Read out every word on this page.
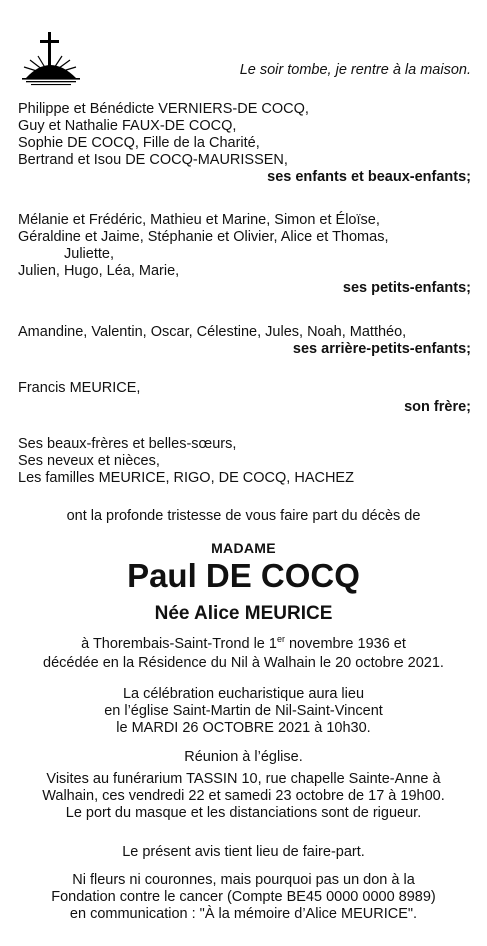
Le soir tombe, je rentre à la maison.
Philippe et Bénédicte VERNIERS-DE COCQ,
Guy et Nathalie FAUX-DE COCQ,
Sophie DE COCQ, Fille de la Charité,
Bertrand et Isou DE COCQ-MAURISSEN,
ses enfants et beaux-enfants;
Mélanie et Frédéric, Mathieu et Marine, Simon et Éloïse,
Géraldine et Jaime, Stéphanie et Olivier, Alice et Thomas,
Juliette,
Julien, Hugo, Léa, Marie,
ses petits-enfants;
Amandine, Valentin, Oscar, Célestine, Jules, Noah, Matthéo,
ses arrière-petits-enfants;
Francis MEURICE,
son frère;
Ses beaux-frères et belles-sœurs,
Ses neveux et nièces,
Les familles MEURICE, RIGO, DE COCQ, HACHEZ
ont la profonde tristesse de vous faire part du décès de
MADAME
Paul DE COCQ
Née Alice MEURICE
à Thorembais-Saint-Trond le 1er novembre 1936 et
décédée en la Résidence du Nil à Walhain le 20 octobre 2021.
La célébration eucharistique aura lieu
en l’église Saint-Martin de Nil-Saint-Vincent
le MARDI 26 OCTOBRE 2021 à 10h30.
Réunion à l’église.
Visites au funérarium TASSIN 10, rue chapelle Sainte-Anne à
Walhain, ces vendredi 22 et samedi 23 octobre de 17 à 19h00.
Le port du masque et les distanciations sont de rigueur.
Le présent avis tient lieu de faire-part.
Ni fleurs ni couronnes, mais pourquoi pas un don à la
Fondation contre le cancer (Compte BE45 0000 0000 8989)
en communication : "À la mémoire d’Alice MEURICE".
